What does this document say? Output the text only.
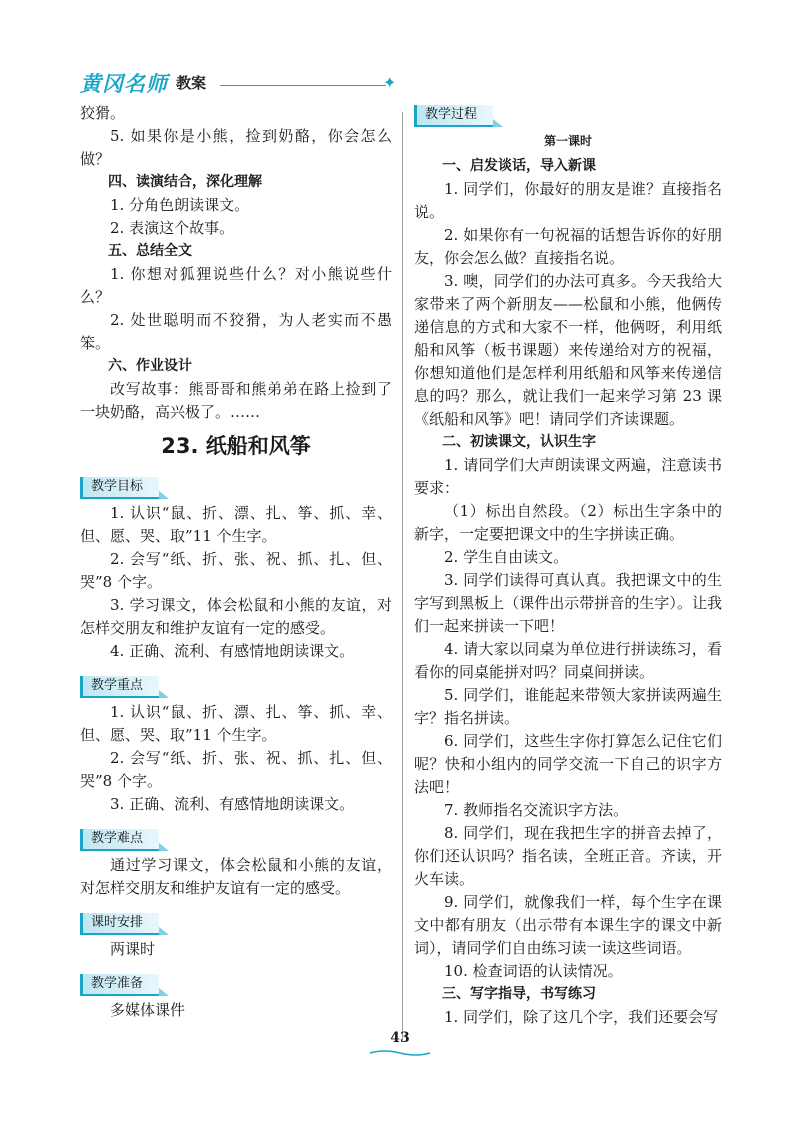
黄冈名师 教案	✦

狡猾。

5. 如果你是小熊，捡到奶酪，你会怎么做？

四、读演结合，深化理解

1. 分角色朗读课文。

2. 表演这个故事。

五、总结全文

1. 你想对狐狸说些什么？对小熊说些什么？

2. 处世聪明而不狡猾，为人老实而不愚笨。

六、作业设计

改写故事：熊哥哥和熊弟弟在路上捡到了一块奶酪，高兴极了。……

23. 纸船和风筝
教学目标

1. 认识“鼠、折、漂、扎、筝、抓、幸、但、愿、哭、取”11 个生字。

2. 会写“纸、折、张、祝、抓、扎、但、哭”8 个字。

3. 学习课文，体会松鼠和小熊的友谊，对怎样交朋友和维护友谊有一定的感受。

4. 正确、流利、有感情地朗读课文。

教学重点

1. 认识“鼠、折、漂、扎、筝、抓、幸、但、愿、哭、取”11 个生字。

2. 会写“纸、折、张、祝、抓、扎、但、哭”8 个字。

3. 正确、流利、有感情地朗读课文。

教学难点

通过学习课文，体会松鼠和小熊的友谊，对怎样交朋友和维护友谊有一定的感受。

课时安排

两课时

教学准备

多媒体课件

教学过程
第一课时

一、启发谈话，导入新课

1. 同学们，你最好的朋友是谁？直接指名说。

2. 如果你有一句祝福的话想告诉你的好朋友，你会怎么做？直接指名说。

3. 噢，同学们的办法可真多。今天我给大家带来了两个新朋友——松鼠和小熊，他俩传递信息的方式和大家不一样，他俩呀，利用纸船和风筝（板书课题）来传递给对方的祝福，你想知道他们是怎样利用纸船和风筝来传递信息的吗？那么，就让我们一起来学习第 23 课《纸船和风筝》吧！请同学们齐读课题。

二、初读课文，认识生字

1. 请同学们大声朗读课文两遍，注意读书要求：

（1）标出自然段。（2）标出生字条中的新字，一定要把课文中的生字拼读正确。

2. 学生自由读文。

3. 同学们读得可真认真。我把课文中的生字写到黑板上（课件出示带拼音的生字）。让我们一起来拼读一下吧！

4. 请大家以同桌为单位进行拼读练习，看看你的同桌能拼对吗？同桌间拼读。

5. 同学们，谁能起来带领大家拼读两遍生字？指名拼读。

6. 同学们，这些生字你打算怎么记住它们呢？快和小组内的同学交流一下自己的识字方法吧！

7. 教师指名交流识字方法。

8. 同学们，现在我把生字的拼音去掉了，你们还认识吗？指名读，全班正音。齐读，开火车读。

9. 同学们，就像我们一样，每个生字在课文中都有朋友（出示带有本课生字的课文中新词），请同学们自由练习读一读这些词语。

10. 检查词语的认读情况。

三、写字指导，书写练习

1. 同学们，除了这几个字，我们还要会写

43
